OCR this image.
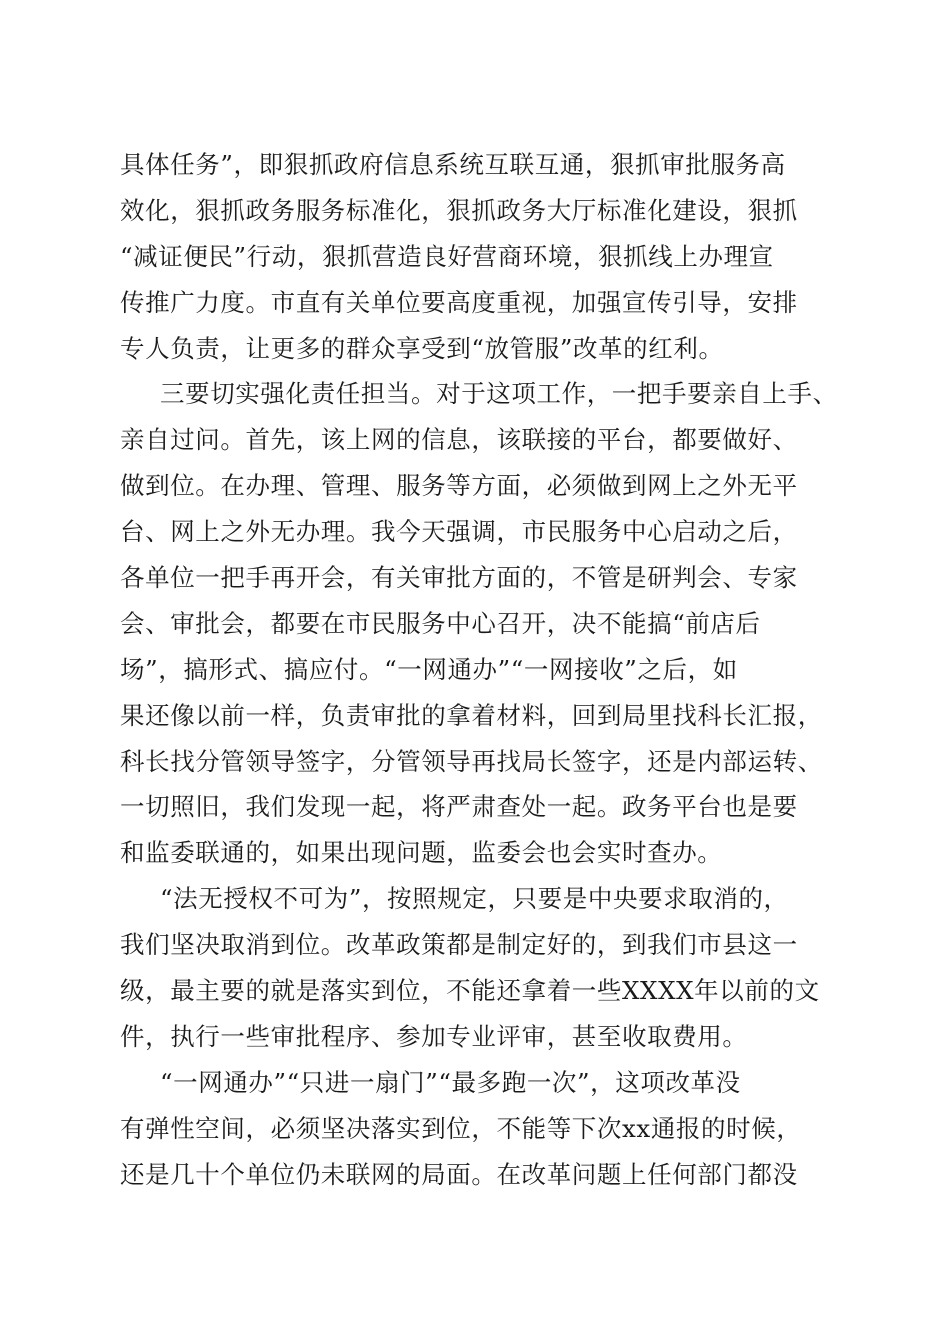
具体任务”，即狠抓政府信息系统互联互通，狠抓审批服务高
效化，狠抓政务服务标准化，狠抓政务大厅标准化建设，狠抓
“减证便民”行动，狠抓营造良好营商环境，狠抓线上办理宣
传推广力度。市直有关单位要高度重视，加强宣传引导，安排
专人负责，让更多的群众享受到“放管服”改革的红利。
三要切实强化责任担当。对于这项工作，一把手要亲自上手、
亲自过问。首先，该上网的信息，该联接的平台，都要做好、
做到位。在办理、管理、服务等方面，必须做到网上之外无平
台、网上之外无办理。我今天强调，市民服务中心启动之后，
各单位一把手再开会，有关审批方面的，不管是研判会、专家
会、审批会，都要在市民服务中心召开，决不能搞“前店后
场”，搞形式、搞应付。“一网通办”“一网接收”之后，如
果还像以前一样，负责审批的拿着材料，回到局里找科长汇报，
科长找分管领导签字，分管领导再找局长签字，还是内部运转、
一切照旧，我们发现一起，将严肃查处一起。政务平台也是要
和监委联通的，如果出现问题，监委会也会实时查办。
“法无授权不可为”，按照规定，只要是中央要求取消的，
我们坚决取消到位。改革政策都是制定好的，到我们市县这一
级，最主要的就是落实到位，不能还拿着一些XXXX年以前的文
件，执行一些审批程序、参加专业评审，甚至收取费用。
“一网通办”“只进一扇门”“最多跑一次”，这项改革没
有弹性空间，必须坚决落实到位，不能等下次xx通报的时候，
还是几十个单位仍未联网的局面。在改革问题上任何部门都没
